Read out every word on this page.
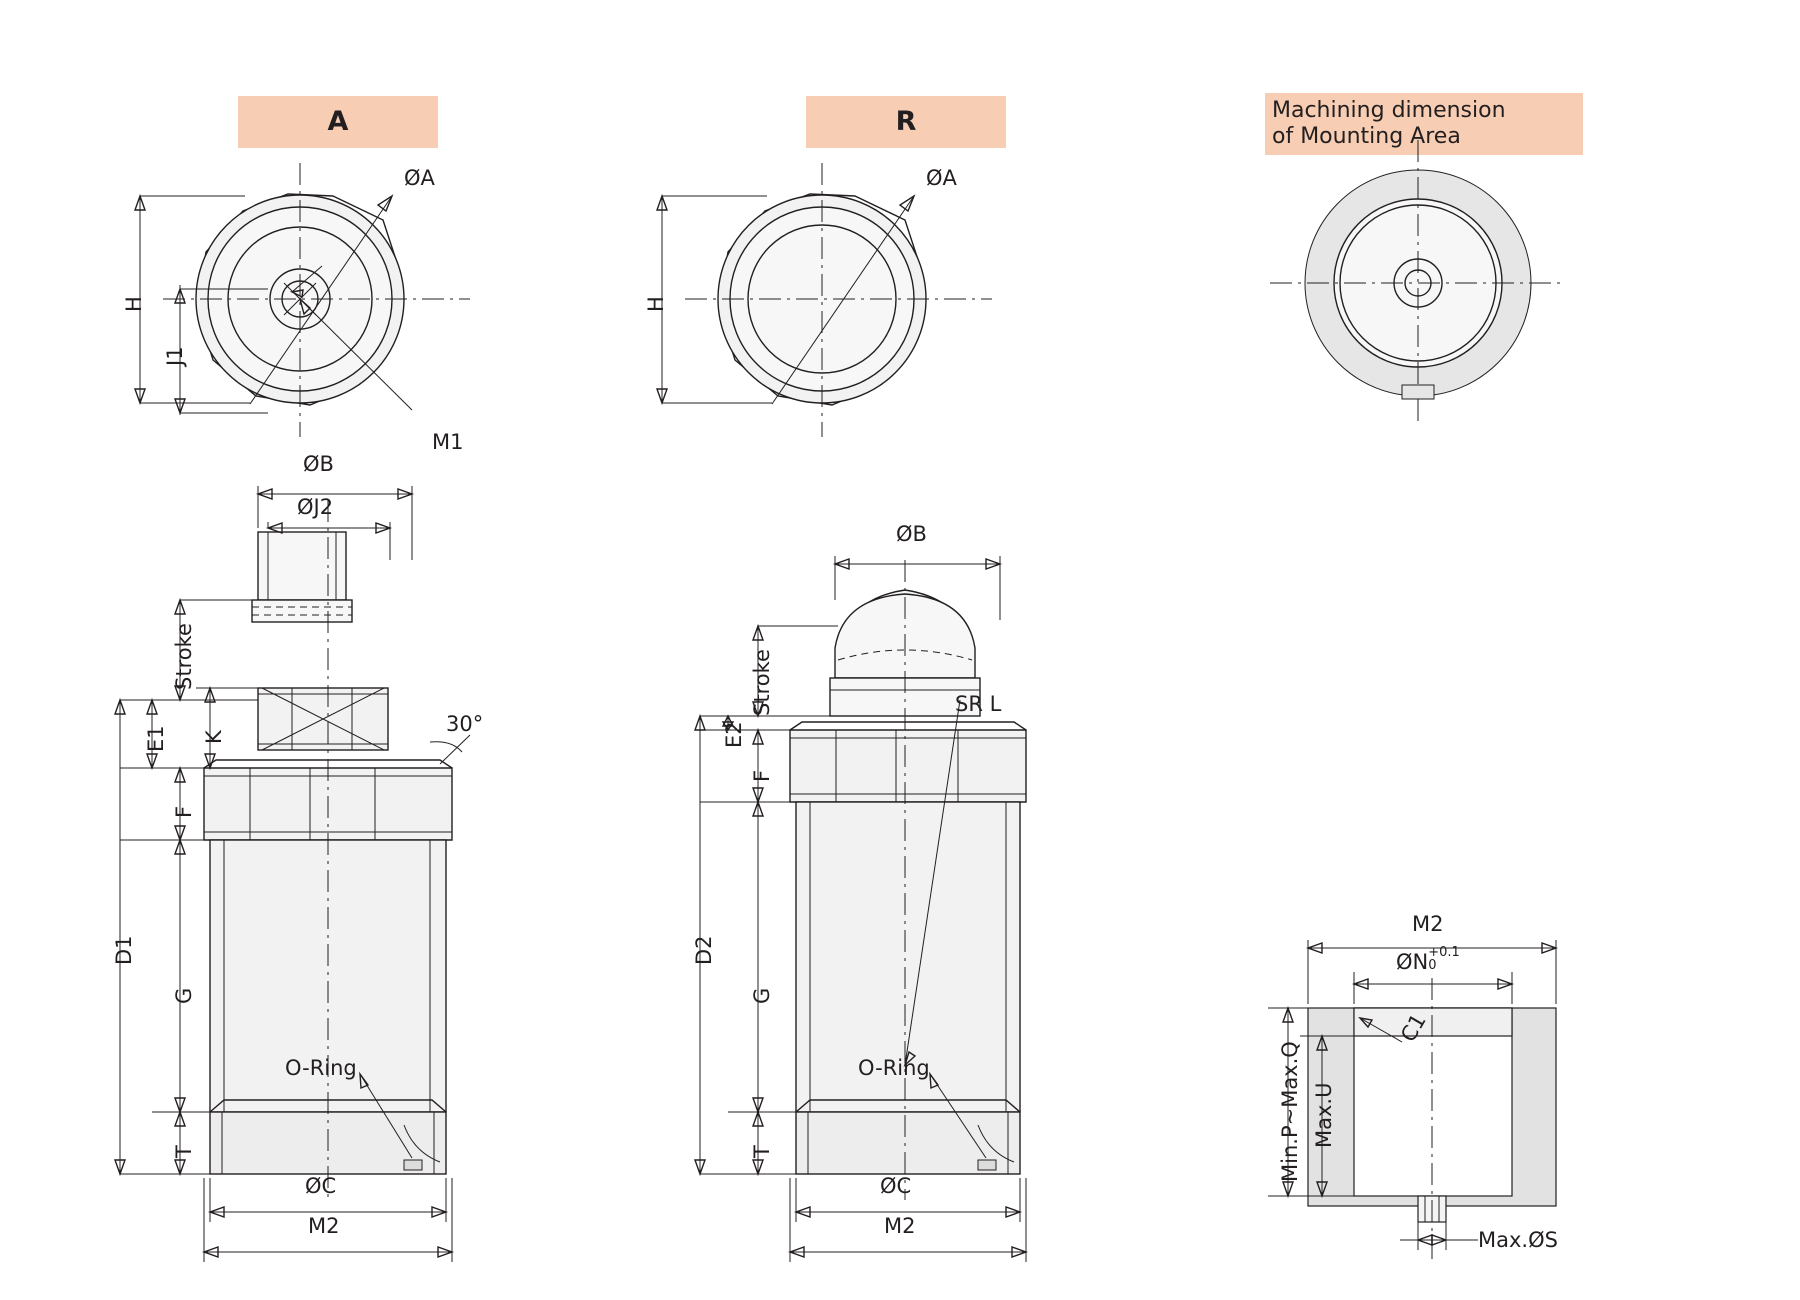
A	R	Machining dimension
of Mounting Area
ØA
H
J1
M1
ØA
H
ØB
ØJ2
Stroke
E1 K
F
30°
D1
G
O-Ring
T
ØC
M2
ØB
Stroke
E2
F
SR L
D2
G
O-Ring
T
ØC
M2
M2
ØN +0.1
0
C1
Min.P~Max.Q Max.U
Max.ØS
